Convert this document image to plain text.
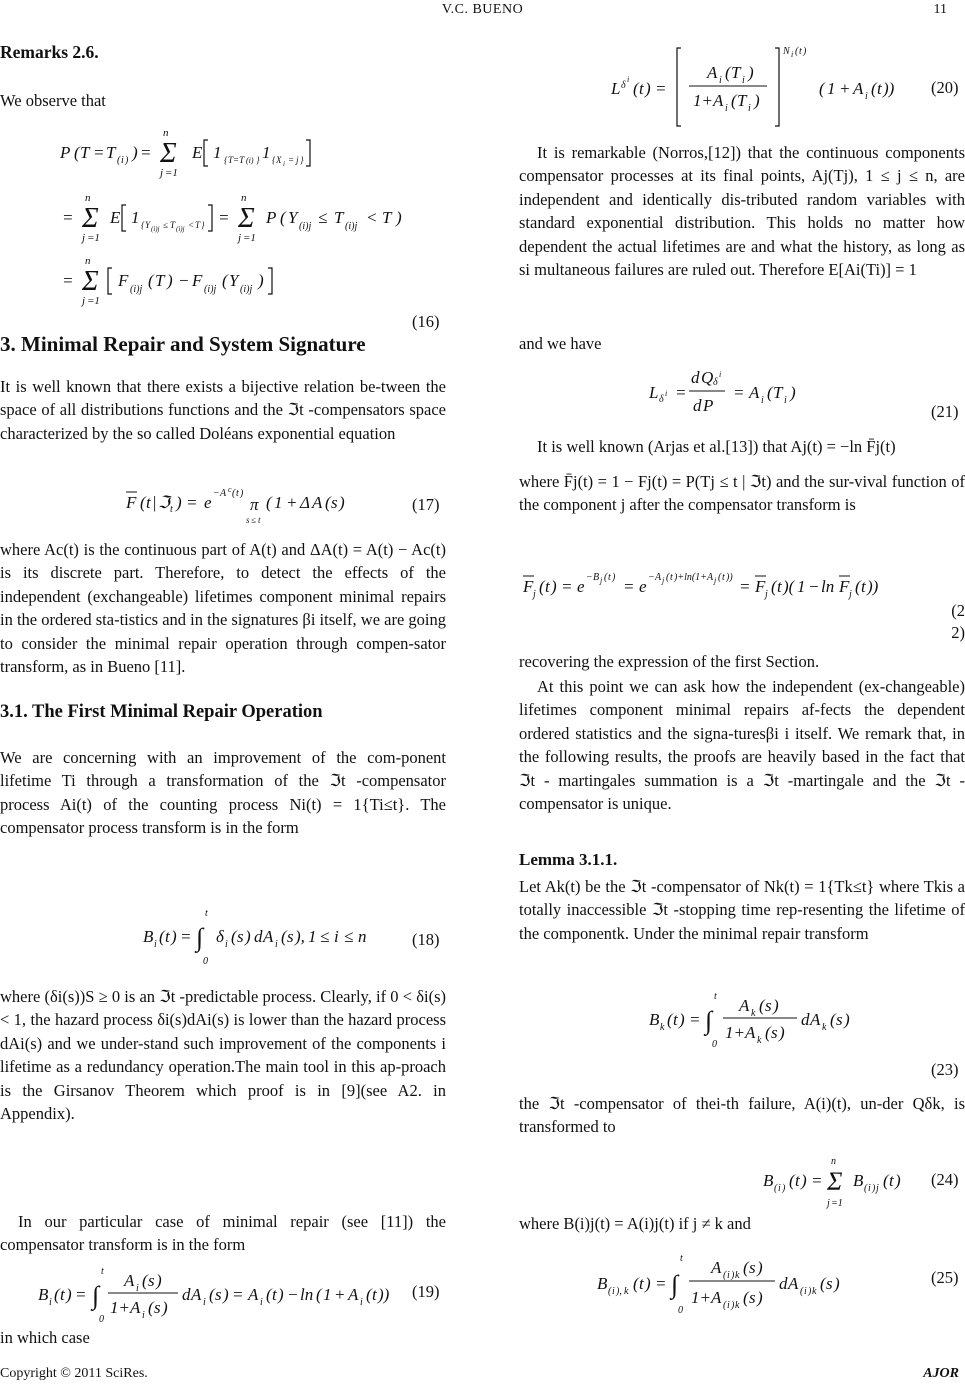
V.C. BUENO	11
Remarks 2.6.

We observe that

P ( T = T ( i ) ) = Σ
n
j =1
E 1 { T=T (i) } 1 { X i = j }
= Σ
n
j =1
E 1 { Y (i)j ≤ T (i)j < T } = Σ
n
j =1
P ( Y (i)j ≤ T (i)j < T )
= Σ
n
j =1
F (i)j ( T ) − F (i)j ( Y (i)j )
(16)
3. Minimal Repair and System Signature

It is well known that there exists a bijective relation be-tween the space of all distributions functions and the ℑt -compensators space characterized by the so called Doléans exponential equation

F ( t | ℑ t ) = e − A c ( t )
π
s ≤ t
( 1 + Δ A ( s )	(17)

where Ac(t) is the continuous part of A(t) and ΔA(t) = A(t) − Ac(t) is its discrete part. Therefore, to detect the effects of the independent (exchangeable) lifetimes component minimal repairs in the ordered sta-tistics and in the signatures βi itself, we are going to consider the minimal repair operation through compen-sator transform, as in Bueno [11].

3.1. The First Minimal Repair Operation

We are concerning with an improvement of the com-ponent lifetime Ti through a transformation of the ℑt -compensator process Ai(t) of the counting process Ni(t) = 1{Ti≤t}. The compensator process transform is in the form

B i ( t ) = ∫
t
0
δ i ( s ) d A i ( s ), 1 ≤ i ≤ n	(18)

where (δi(s))S ≥ 0 is an ℑt -predictable process. Clearly, if 0 < δi(s) < 1, the hazard process δi(s)dAi(s) is lower than the hazard process dAi(s) and we under-stand such improvement of the components i lifetime as a redundancy operation.The main tool in this ap-proach is the Girsanov Theorem which proof is in [9](see A2. in Appendix).

In our particular case of minimal repair (see [11]) the compensator transform is in the form

B i ( t ) = ∫
t
0
A i ( s )
1+ A i ( s )
d A i ( s ) = A i ( t ) − ln ( 1 + A i ( t )) (19)

in which case

L δ
i ( t ) =
A i ( T i )
1+ A i ( T i )
N i ( t )
( 1 + A i ( t )) (20)

It is remarkable (Norros,[12]) that the continuous components compensator processes at its final points, Aj(Tj), 1 ≤ j ≤ n, are independent and identically dis-tributed random variables with standard exponential distribution. This holds no matter how dependent the actual lifetimes are and what the history, as long as si multaneous failures are ruled out. Therefore E[Ai(Ti)] = 1

and we have

L δ
i =
d Q δ
i
d P
= A i ( T i )
(21)

It is well known (Arjas et al.[13]) that Aj(t) = −ln F̄j(t)

where F̄j(t) = 1 − Fj(t) = P(Tj ≤ t | ℑt) and the sur-vival function of the component j after the compensator transform is

F j ( t ) = e − B j ( t ) = e − A j ( t )+ln(1+ A j ( t )) = F j ( t )( 1 − ln F j ( t ))
(2
2)

recovering the expression of the first Section.

At this point we can ask how the independent (ex-changeable) lifetimes component minimal repairs af-fects the dependent ordered statistics and the signa-turesβi i itself. We remark that, in the following results, the proofs are heavily based in the fact that ℑt - martingales summation is a ℑt -martingale and the ℑt - compensator is unique.

Lemma 3.1.1.

Let Ak(t) be the ℑt -compensator of Nk(t) = 1{Tk≤t} where Tkis a totally inaccessible ℑt -stopping time rep-resenting the lifetime of the componentk. Under the minimal repair transform

B k ( t ) = ∫
t
0
A k ( s )
1+ A k ( s )
d A k ( s )
(23)

the ℑt -compensator of thei-th failure, A(i)(t), un-der Qδk, is transformed to

B ( i ) ( t ) = Σ
n
j =1
B ( i ) j ( t ) (24)

where B(i)j(t) = A(i)j(t) if j ≠ k and

B ( i ), k ( t ) = ∫
t
0
A ( i ) k ( s )
1+ A ( i ) k ( s )
d A ( i ) k ( s )	(25)
Copyright © 2011 SciRes.	AJOR
